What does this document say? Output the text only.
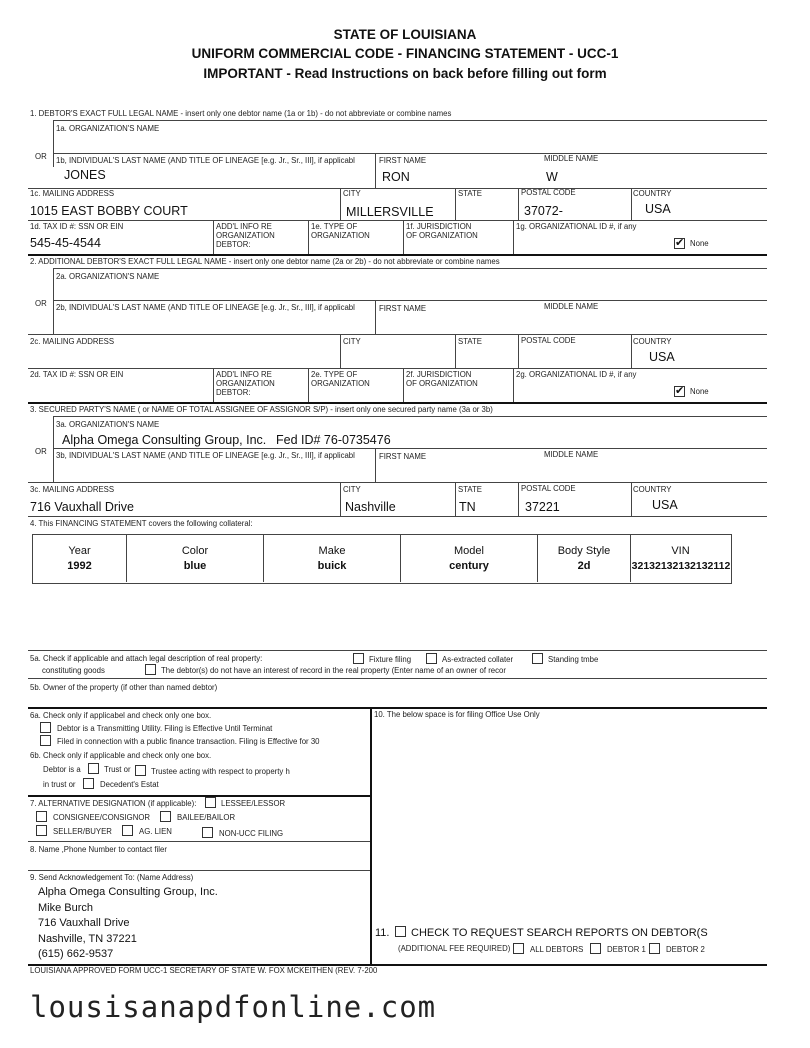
STATE OF LOUISIANA
UNIFORM COMMERCIAL CODE - FINANCING STATEMENT - UCC-1
IMPORTANT - Read Instructions on back before filling out form
1. DEBTOR'S EXACT FULL LEGAL NAME - insert only one debtor name (1a or 1b) - do not abbreviate or combine names
1a. ORGANIZATION'S NAME
OR 1b, INDIVIDUAL'S LAST NAME (AND TITLE OF LINEAGE [e.g. Jr., Sr., III], if applicabl	FIRST NAME	MIDDLE NAME
JONES	RON	W
1c. MAILING ADDRESS	CITY	STATE	POSTAL CODE	COUNTRY
1015 EAST BOBBY COURT	MILLERSVILLE	37072-	USA
1d. TAX ID #: SSN OR EIN	ADD'L INFO RE
ORGANIZATION
DEBTOR:
1e. TYPE OF
ORGANIZATION
1f. JURISDICTION
OF ORGANIZATION
1g. ORGANIZATIONAL ID #, if any
545-45-4544
✔	None
2. ADDITIONAL DEBTOR'S EXACT FULL LEGAL NAME - insert only one debtor name (2a or 2b) - do not abbreviate or combine names
2a. ORGANIZATION'S NAME
OR 2b, INDIVIDUAL'S LAST NAME (AND TITLE OF LINEAGE [e.g. Jr., Sr., III], if applicabl	FIRST NAME	MIDDLE NAME
2c. MAILING ADDRESS	CITY	STATE	POSTAL CODE	COUNTRY
USA
2d. TAX ID #: SSN OR EIN	ADD'L INFO RE
ORGANIZATION
DEBTOR:
2e. TYPE OF
ORGANIZATION
2f. JURISDICTION
OF ORGANIZATION
2g. ORGANIZATIONAL ID #, if any
✔
None
3. SECURED PARTY'S NAME ( or NAME OF TOTAL ASSIGNEE OF ASSIGNOR S/P) - insert only one secured party name (3a or 3b)
3a. ORGANIZATION'S NAME
Alpha Omega Consulting Group, Inc. Fed ID# 76-0735476
OR 3b, INDIVIDUAL'S LAST NAME (AND TITLE OF LINEAGE [e.g. Jr., Sr., III], if applicabl	FIRST NAME	MIDDLE NAME
3c. MAILING ADDRESS	CITY	STATE	POSTAL CODE	COUNTRY
716 Vauxhall Drive	Nashville	TN	37221	USA
4. This FINANCING STATEMENT covers the following collateral:
Year	Color	Make	Model	Body Style	VIN
1992	blue	buick	century	2d	32132132132132112
5a. Check if applicable and attach legal description of real property:	Fixture filing	As-extracted collater	Standing tmbe
constituting goods	The debtor(s) do not have an interest of record in the real property (Enter name of an owner of recor
5b. Owner of the property (if other than named debtor)
6a. Check only if applicabel and check only one box.
Debtor is a Transmitting Utility. Filing is Effective Until Terminat
Filed in connection with a public finance transaction. Filing is Effective for 30
6b. Check only if applicable and check only one box.
Debtor is a	Trust or	Trustee acting with respect to property h
in trust or	Decedent's Estat
7. ALTERNATIVE DESIGNATION (if applicable):	LESSEE/LESSOR
CONSIGNEE/CONSIGNOR	BAILEE/BAILOR
SELLER/BUYER	AG. LIEN	NON-UCC FILING
8. Name ,Phone Number to contact filer
9. Send Acknowledgement To: (Name Address)
Alpha Omega Consulting Group, Inc.
Mike Burch
716 Vauxhall Drive
Nashville, TN 37221
(615) 662-9537
10. The below space is for filing Office Use Only
11. CHECK TO REQUEST SEARCH REPORTS ON DEBTOR(S
(ADDITIONAL FEE REQUIRED)	ALL DEBTORS	DEBTOR 1	DEBTOR 2
LOUISIANA APPROVED FORM UCC-1 SECRETARY OF STATE W. FOX MCKEITHEN (REV. 7-200
lousisanapdfonline.com
